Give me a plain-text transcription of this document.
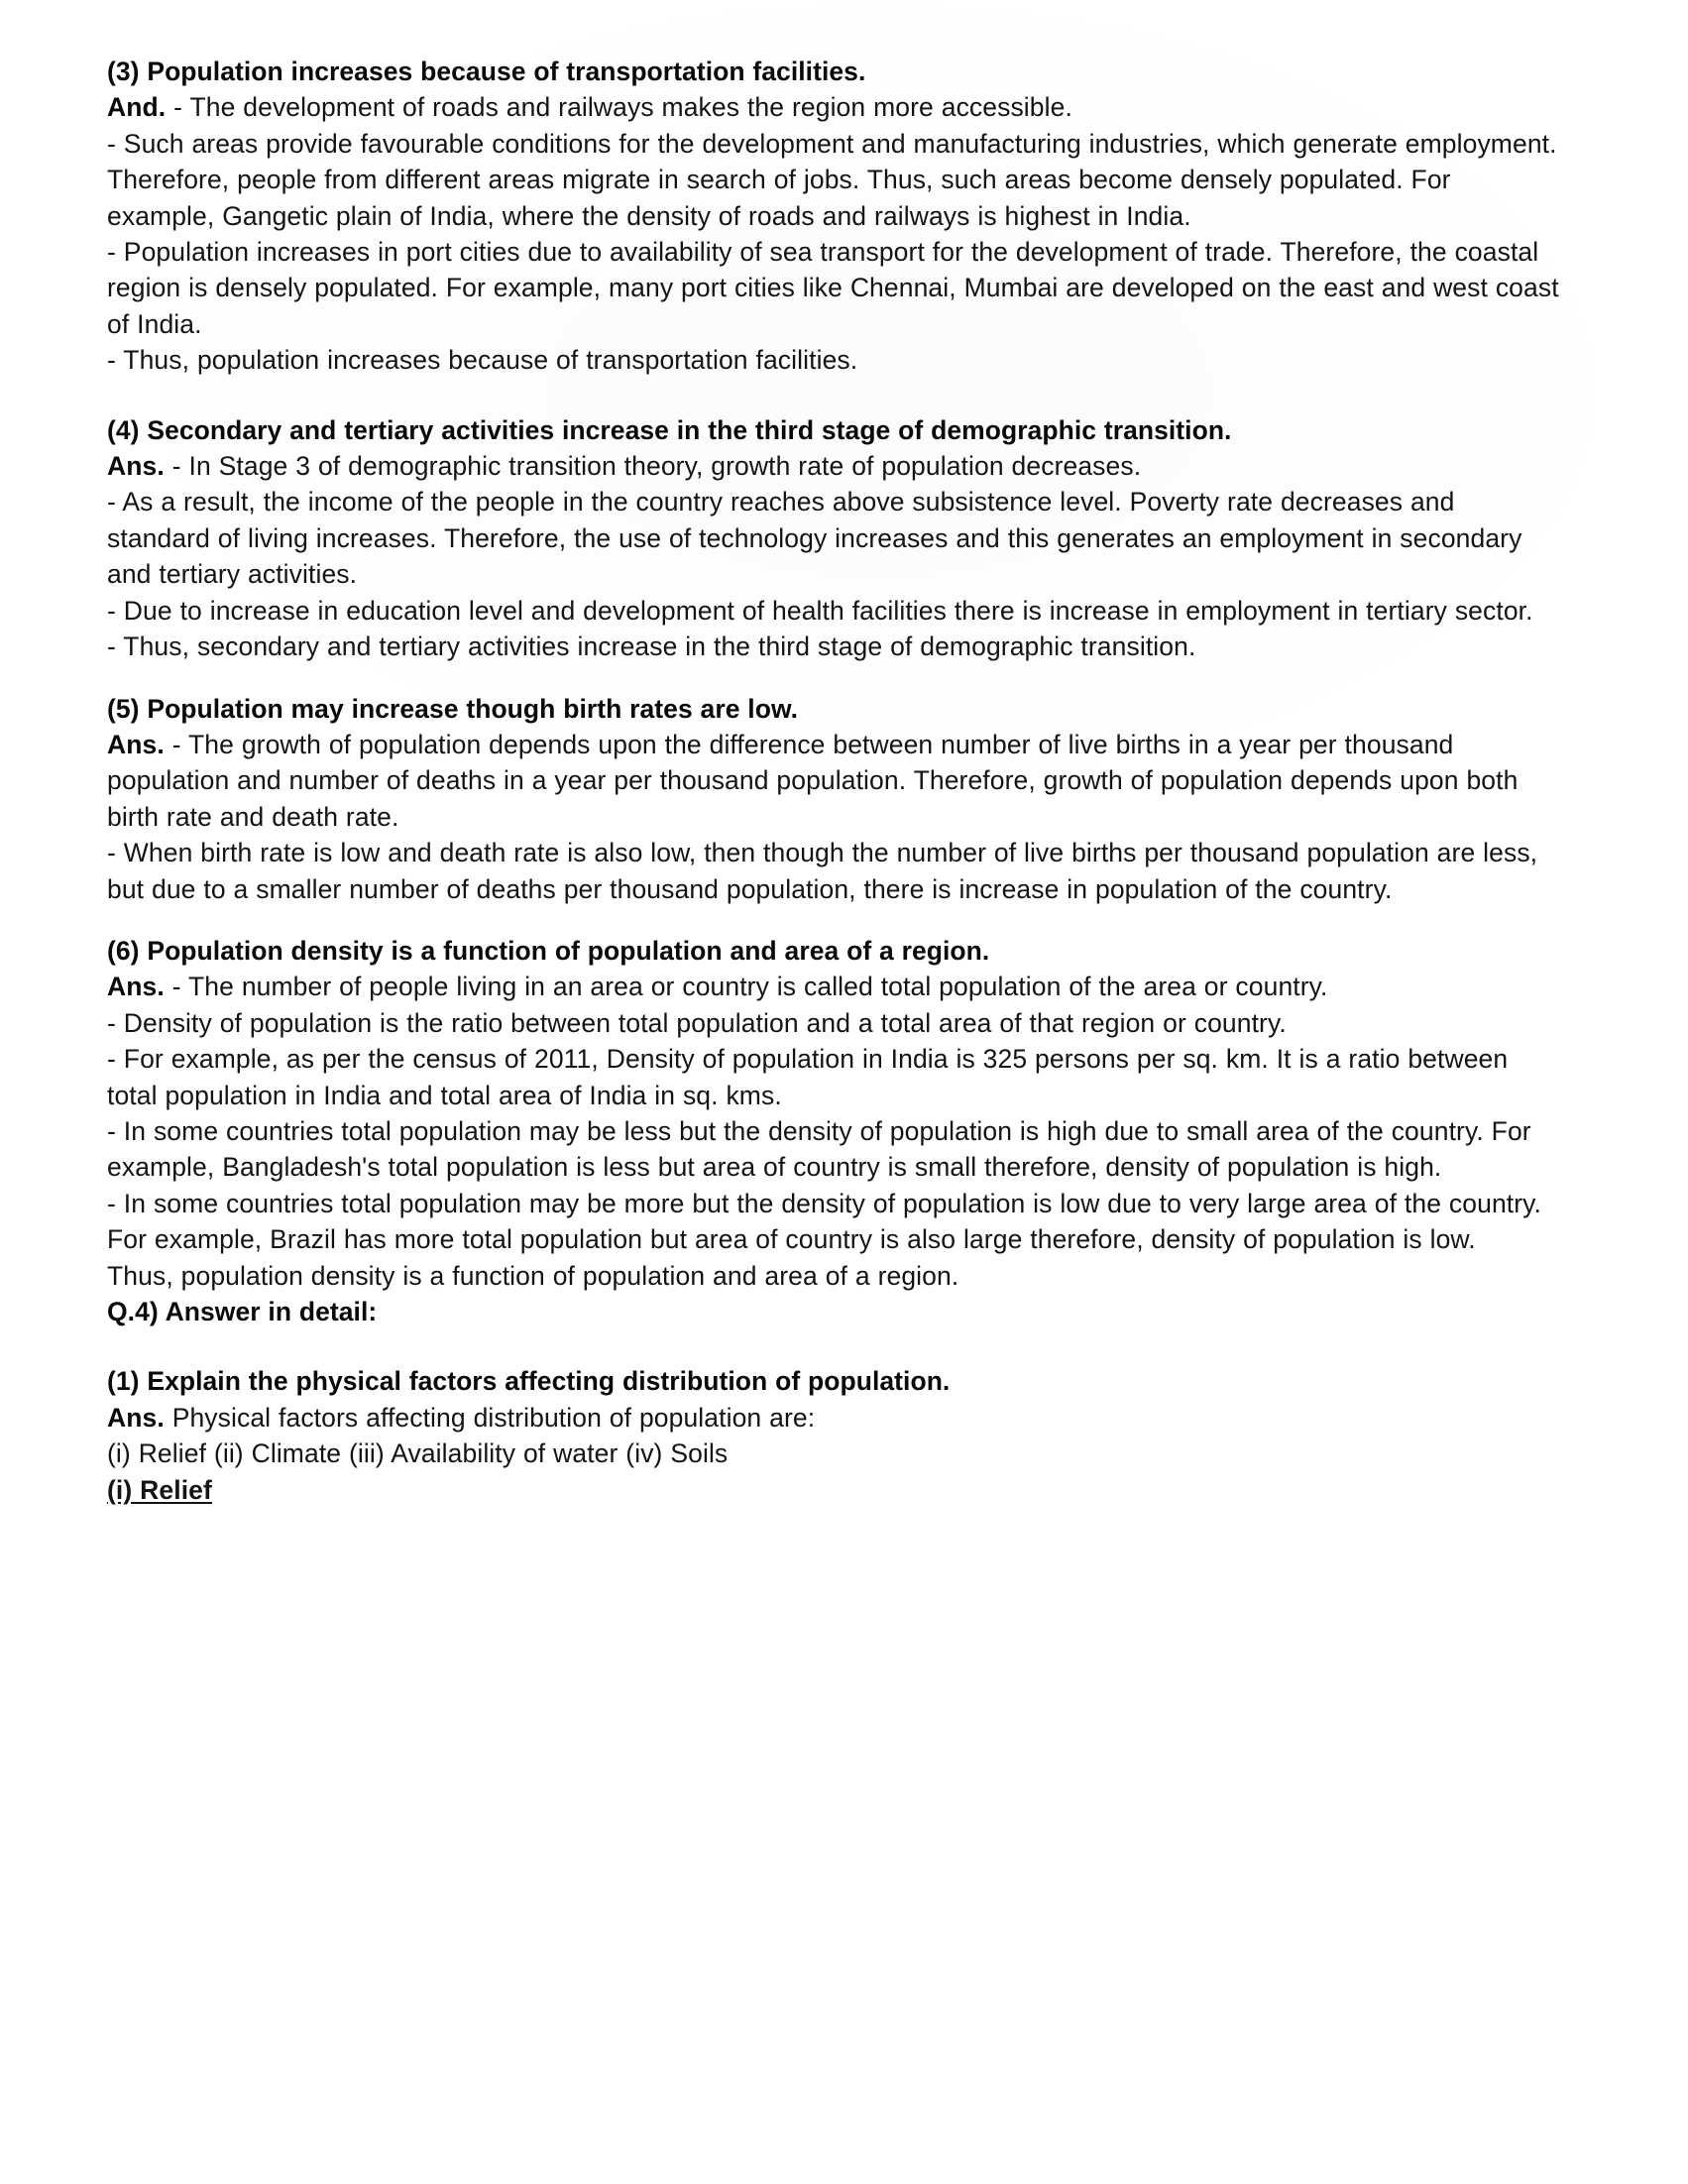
(3) Population increases because of transportation facilities.
And. - The development of roads and railways makes the region more accessible.
- Such areas provide favourable conditions for the development and manufacturing industries, which generate employment. Therefore, people from different areas migrate in search of jobs. Thus, such areas become densely populated. For example, Gangetic plain of India, where the density of roads and railways is highest in India.
- Population increases in port cities due to availability of sea transport for the development of trade. Therefore, the coastal region is densely populated. For example, many port cities like Chennai, Mumbai are developed on the east and west coast of India.
- Thus, population increases because of transportation facilities.
(4) Secondary and tertiary activities increase in the third stage of demographic transition.
Ans. - In Stage 3 of demographic transition theory, growth rate of population decreases.
- As a result, the income of the people in the country reaches above subsistence level. Poverty rate decreases and standard of living increases. Therefore, the use of technology increases and this generates an employment in secondary and tertiary activities.
- Due to increase in education level and development of health facilities there is increase in employment in tertiary sector.
- Thus, secondary and tertiary activities increase in the third stage of demographic transition.
(5) Population may increase though birth rates are low.
Ans. - The growth of population depends upon the difference between number of live births in a year per thousand population and number of deaths in a year per thousand population. Therefore, growth of population depends upon both birth rate and death rate.
- When birth rate is low and death rate is also low, then though the number of live births per thousand population are less, but due to a smaller number of deaths per thousand population, there is increase in population of the country.
(6) Population density is a function of population and area of a region.
Ans. - The number of people living in an area or country is called total population of the area or country.
- Density of population is the ratio between total population and a total area of that region or country.
- For example, as per the census of 2011, Density of population in India is 325 persons per sq. km. It is a ratio between total population in India and total area of India in sq. kms.
- In some countries total population may be less but the density of population is high due to small area of the country. For example, Bangladesh's total population is less but area of country is small therefore, density of population is high.
- In some countries total population may be more but the density of population is low due to very large area of the country. For example, Brazil has more total population but area of country is also large therefore, density of population is low.
Thus, population density is a function of population and area of a region.
Q.4) Answer in detail:
(1) Explain the physical factors affecting distribution of population.
Ans. Physical factors affecting distribution of population are:
(i) Relief (ii) Climate (iii) Availability of water (iv) Soils
(i) Relief
